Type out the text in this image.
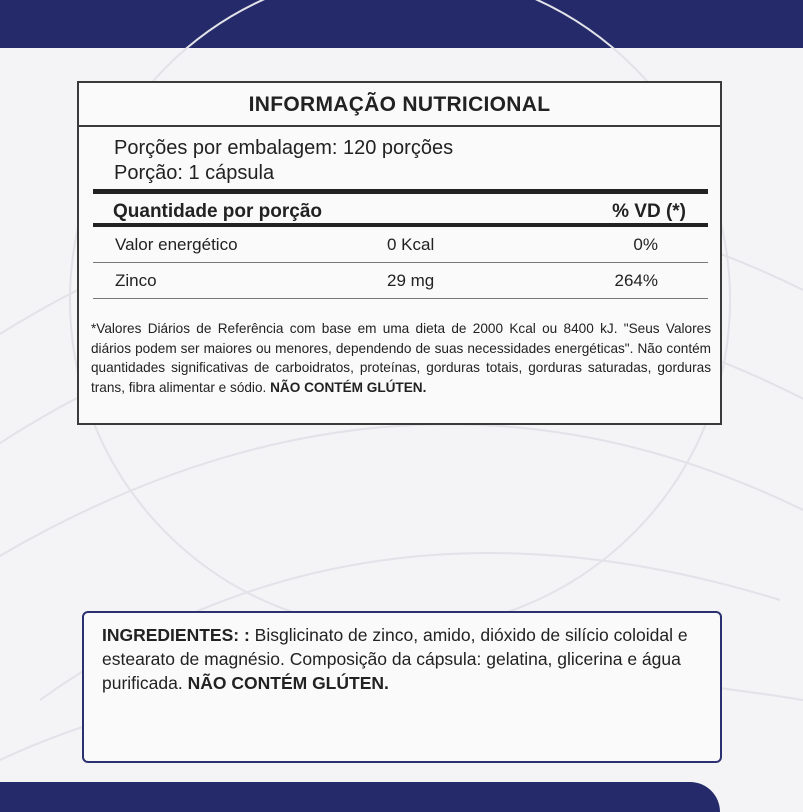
INFORMAÇÃO NUTRICIONAL
Porções por embalagem: 120 porções
Porção: 1 cápsula
Quantidade por porção	% VD (*)
Valor energético	0 Kcal	0%
Zinco	29 mg	264%
*Valores Diários de Referência com base em uma dieta de 2000 Kcal ou 8400 kJ. "Seus Valores diários podem ser maiores ou menores, dependendo de suas necessidades energéticas". Não contém quantidades significativas de carboidratos, proteínas, gorduras totais, gorduras saturadas, gorduras trans, fibra alimentar e sódio. NÃO CONTÉM GLÚTEN.

INGREDIENTES: : Bisglicinato de zinco, amido, dióxido de silício coloidal e estearato de magnésio. Composição da cápsula: gelatina, glicerina e água purificada. NÃO CONTÉM GLÚTEN.
